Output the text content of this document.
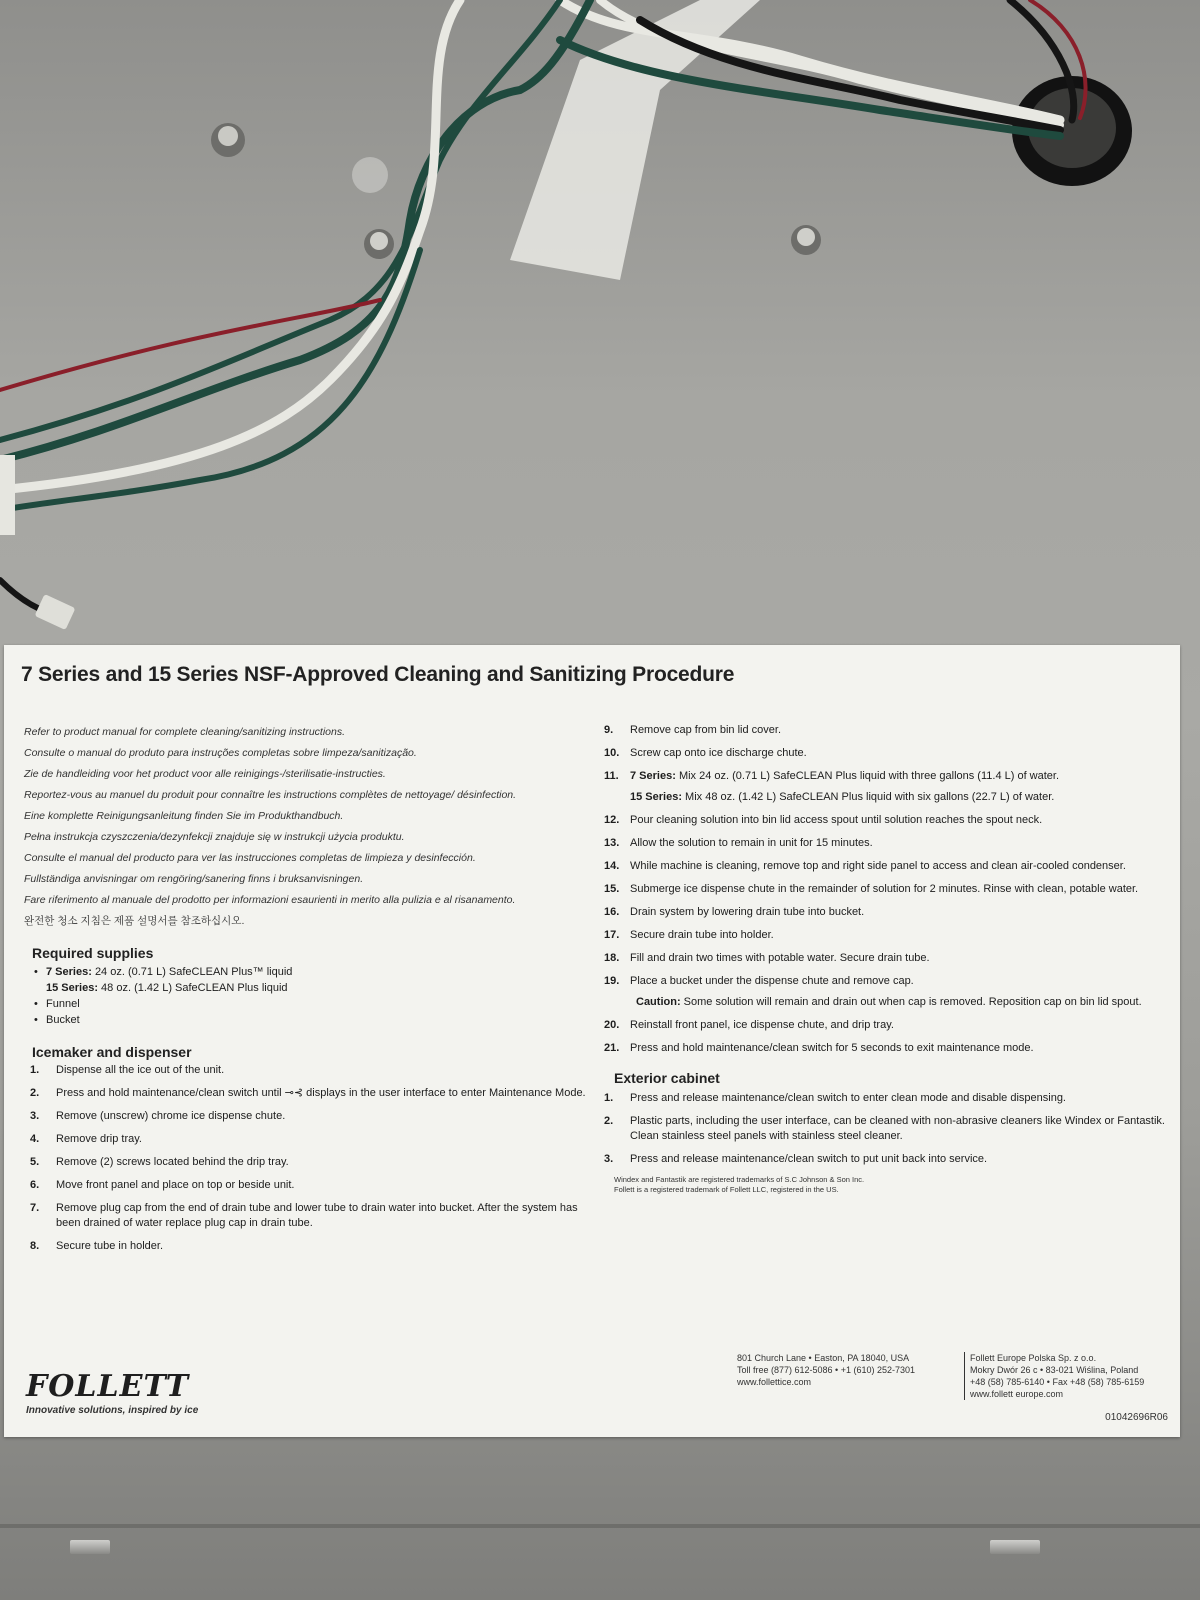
7 Series and 15 Series NSF-Approved Cleaning and Sanitizing Procedure

Refer to product manual for complete cleaning/sanitizing instructions.

Consulte o manual do produto para instruções completas sobre limpeza/sanitização.

Zie de handleiding voor het product voor alle reinigings-/sterilisatie-instructies.

Reportez-vous au manuel du produit pour connaître les instructions complètes de nettoyage/ désinfection.

Eine komplette Reinigungsanleitung finden Sie im Produkthandbuch.

Pełna instrukcja czyszczenia/dezynfekcji znajduje się w instrukcji użycia produktu.

Consulte el manual del producto para ver las instrucciones completas de limpieza y desinfección.

Fullständiga anvisningar om rengöring/sanering finns i bruksanvisningen.

Fare riferimento al manuale del prodotto per informazioni esaurienti in merito alla pulizia e al risanamento.

완전한 청소 지침은 제품 설명서를 참조하십시오.

Required supplies
• 7 Series: 24 oz. (0.71 L) SafeCLEAN Plus™ liquid
15 Series: 48 oz. (1.42 L) SafeCLEAN Plus liquid
• Funnel
• Bucket
Icemaker and dispenser
1. Dispense all the ice out of the unit.
2. Press and hold maintenance/clean switch until ⊸⊰ displays in the user interface to enter Maintenance Mode.
3. Remove (unscrew) chrome ice dispense chute.
4. Remove drip tray.
5. Remove (2) screws located behind the drip tray.
6. Move front panel and place on top or beside unit.
7. Remove plug cap from the end of drain tube and lower tube to drain water into bucket. After the system has been drained of water replace plug cap in drain tube.
8. Secure tube in holder.
9. Remove cap from bin lid cover.
10. Screw cap onto ice discharge chute.
11. 7 Series: Mix 24 oz. (0.71 L) SafeCLEAN Plus liquid with three gallons (11.4 L) of water.
15 Series: Mix 48 oz. (1.42 L) SafeCLEAN Plus liquid with six gallons (22.7 L) of water.
12. Pour cleaning solution into bin lid access spout until solution reaches the spout neck.
13. Allow the solution to remain in unit for 15 minutes.
14. While machine is cleaning, remove top and right side panel to access and clean air-cooled condenser.
15. Submerge ice dispense chute in the remainder of solution for 2 minutes. Rinse with clean, potable water.
16. Drain system by lowering drain tube into bucket.
17. Secure drain tube into holder.
18. Fill and drain two times with potable water. Secure drain tube.
19. Place a bucket under the dispense chute and remove cap.
Caution: Some solution will remain and drain out when cap is removed. Reposition cap on bin lid spout.
20. Reinstall front panel, ice dispense chute, and drip tray.
21. Press and hold maintenance/clean switch for 5 seconds to exit maintenance mode.
Exterior cabinet
1. Press and release maintenance/clean switch to enter clean mode and disable dispensing.
2. Plastic parts, including the user interface, can be cleaned with non-abrasive cleaners like Windex or Fantastik. Clean stainless steel panels with stainless steel cleaner.
3. Press and release maintenance/clean switch to put unit back into service.
Windex and Fantastik are registered trademarks of S.C Johnson & Son Inc.
Follett is a registered trademark of Follett LLC, registered in the US.
FOLLETT
Innovative solutions, inspired by ice
801 Church Lane • Easton, PA 18040, USA
Toll free (877) 612-5086 • +1 (610) 252-7301
www.follettice.com
Follett Europe Polska Sp. z o.o.
Mokry Dwór 26 c • 83-021 Wiślina, Poland
+48 (58) 785-6140 • Fax +48 (58) 785-6159
www.follett europe.com
01042696R06
